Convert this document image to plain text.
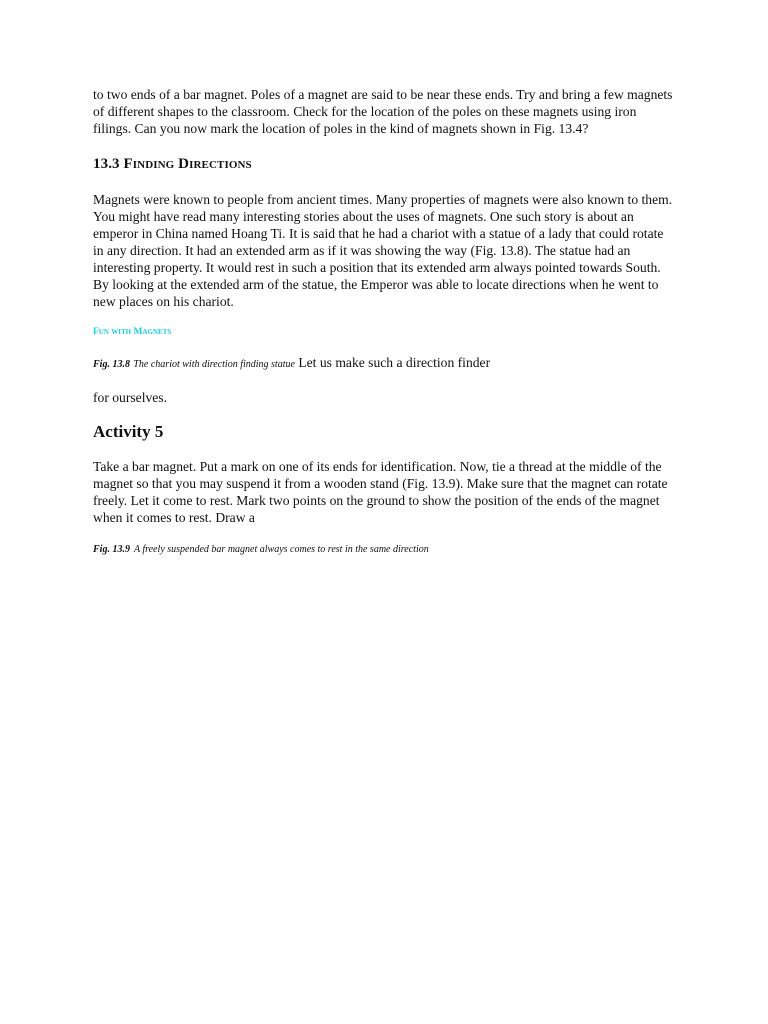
to two ends of a bar magnet. Poles of a magnet are said to be near these ends. Try and bring a few magnets of different shapes to the classroom. Check for the location of the poles on these magnets using iron filings. Can you now mark the location of poles in the kind of magnets shown in Fig. 13.4?

13.3 Finding Directions

Magnets were known to people from ancient times. Many properties of magnets were also known to them. You might have read many interesting stories about the uses of magnets. One such story is about an emperor in China named Hoang Ti. It is said that he had a chariot with a statue of a lady that could rotate in any direction. It had an extended arm as if it was showing the way (Fig. 13.8). The statue had an interesting property. It would rest in such a position that its extended arm always pointed towards South. By looking at the extended arm of the statue, the Emperor was able to locate directions when he went to new places on his chariot.

Fun with Magnets
Fig. 13.8 The chariot with direction finding statue Let us make such a direction finder

for ourselves.

Activity 5

Take a bar magnet. Put a mark on one of its ends for identification. Now, tie a thread at the middle of the magnet so that you may suspend it from a wooden stand (Fig. 13.9). Make sure that the magnet can rotate freely. Let it come to rest. Mark two points on the ground to show the position of the ends of the magnet when it comes to rest. Draw a

Fig. 13.9 A freely suspended bar magnet always comes to rest in the same direction
